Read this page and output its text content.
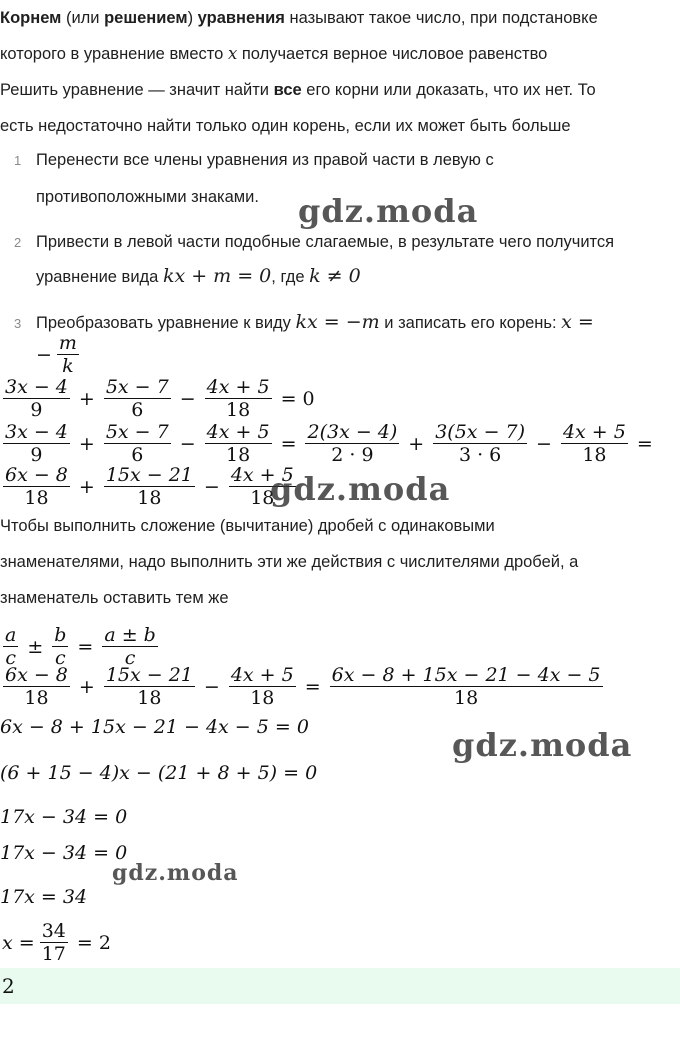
Корнем (или решением) уравнения называют такое число, при подстановке
которого в уравнение вместо x получается верное числовое равенство
Решить уравнение — значит найти все его корни или доказать, что их нет. То
есть недостаточно найти только один корень, если их может быть больше
1 Перенести все члены уравнения из правой части в левую с
противоположными знаками.
2 Привести в левой части подобные слагаемые, в результате чего получится
уравнение вида kx + m = 0, где k ≠ 0
3 Преобразовать уравнение к виду kx = −m и записать его корень: x =
− $\frac{m}{k}$
$\frac{3x - 4}{9} + \frac{5x - 7}{6} - \frac{4x + 5}{18} = 0$
$\frac{3x - 4}{9} + \frac{5x - 7}{6} - \frac{4x + 5}{18} = \frac{2(3x - 4)}{2 \cdot 9} + \frac{3(5x - 7)}{3 \cdot 6} - \frac{4x + 5}{18}$ =
$\frac{6x - 8}{18} + \frac{15x - 21}{18} - \frac{4x + 5}{18}$
Чтобы выполнить сложение (вычитание) дробей с одинаковыми
знаменателями, надо выполнить эти же действия с числителями дробей, а
знаменатель оставить тем же
$\frac{a}{c} \pm \frac{b}{c} = \frac{a \pm b}{c}$
$\frac{6x - 8}{18} + \frac{15x - 21}{18} - \frac{4x + 5}{18} = \frac{6x - 8 + 15x - 21 - 4x - 5}{18}$
6x − 8 + 15x − 21 − 4x − 5 = 0
(6 + 15 − 4)x − (21 + 8 + 5) = 0
17x − 34 = 0
17x − 34 = 0
17x = 34
$x = \frac{34}{17} = 2$
2
gdz.moda
gdz.moda
gdz.moda
gdz.moda
